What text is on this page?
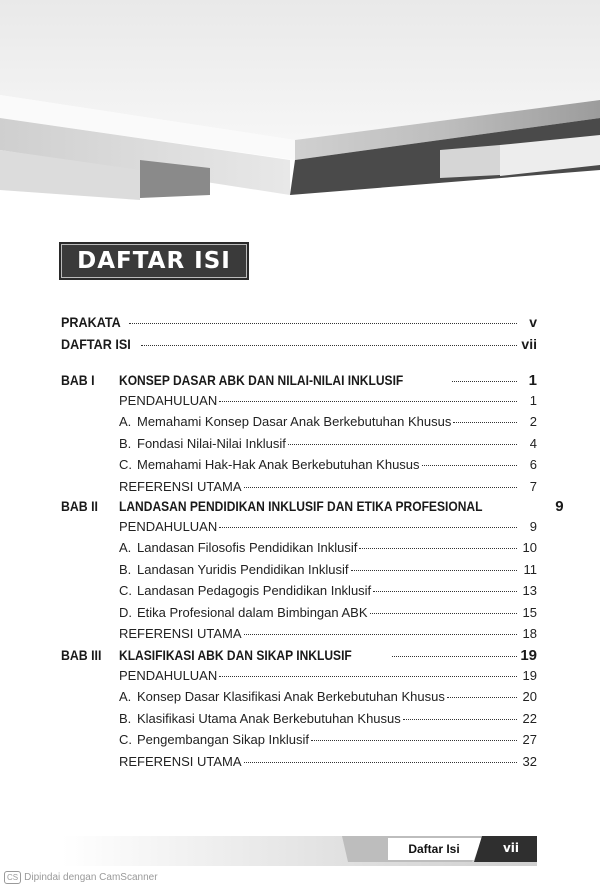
DAFTAR ISI
PRAKATA	v
DAFTAR ISI	vii
BAB I KONSEP DASAR ABK DAN NILAI-NILAI INKLUSIF	1
PENDAHULUAN	1
A. Memahami Konsep Dasar Anak Berkebutuhan Khusus	2
B. Fondasi Nilai-Nilai Inklusif	4
C. Memahami Hak-Hak Anak Berkebutuhan Khusus	6
REFERENSI UTAMA	7
BAB II LANDASAN PENDIDIKAN INKLUSIF DAN ETIKA PROFESIONAL	9
PENDAHULUAN	9
A. Landasan Filosofis Pendidikan Inklusif	10
B. Landasan Yuridis Pendidikan Inklusif	11
C. Landasan Pedagogis Pendidikan Inklusif	13
D. Etika Profesional dalam Bimbingan ABK	15
REFERENSI UTAMA	18
BAB III KLASIFIKASI ABK DAN SIKAP INKLUSIF	19
PENDAHULUAN	19
A. Konsep Dasar Klasifikasi Anak Berkebutuhan Khusus	20
B. Klasifikasi Utama Anak Berkebutuhan Khusus	22
C. Pengembangan Sikap Inklusif	27
REFERENSI UTAMA	32
Daftar Isi	vii
CS Dipindai dengan CamScanner
